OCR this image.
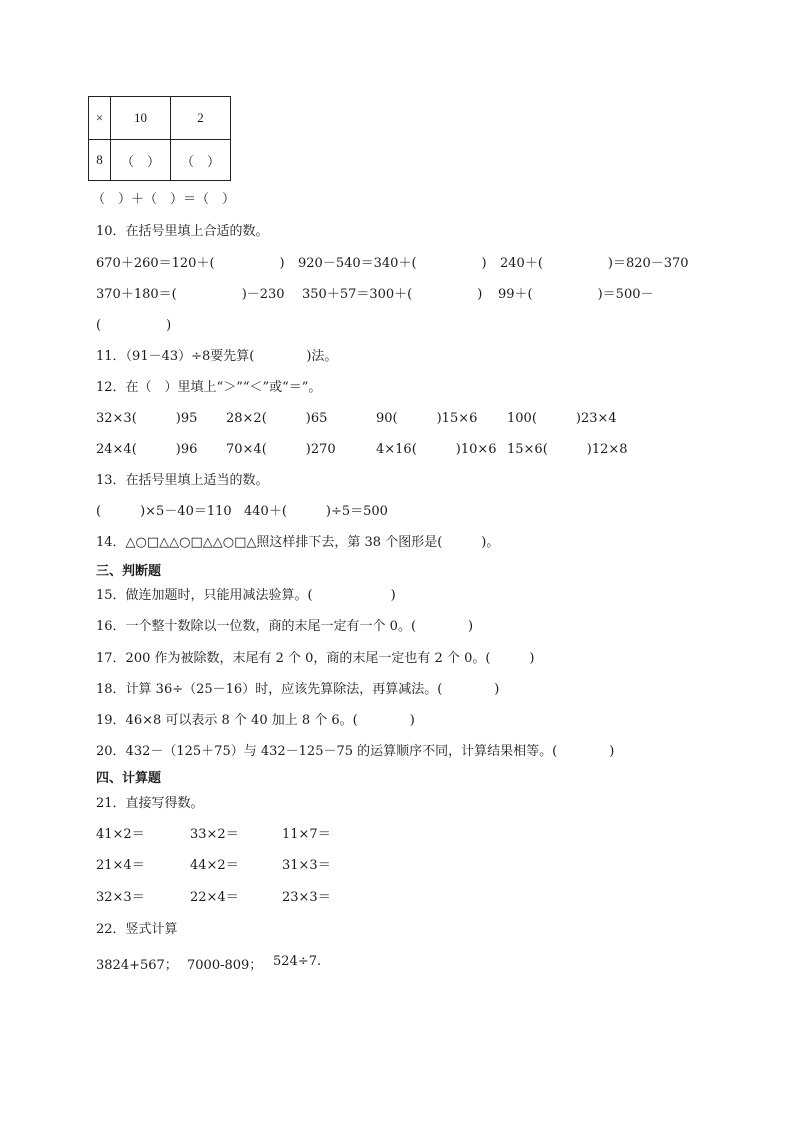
×	10	2
8	（　）	（　）
（　）＋（　）＝（　）
10．在括号里填上合适的数。
670＋260＝120＋(　　　　　) 920－540＝340＋(　　　　　) 240＋(　　　　　)＝820－370
370＋180＝(　　　　　)－230 350＋57＝300＋(　　　　　) 99＋(　　　　　)＝500－
(　　　　　)
11．（91－43）÷8要先算(　　　　)法。
12．在（　）里填上“＞”“＜”或“＝”。
32×3(　　　)95 28×2(　　　)65	90(　　　)15×6 100(　　　)23×4
24×4(　　　)96 70×4(　　　)270	4×16(　　　)10×6 15×6(　　　)12×8
13．在括号里填上适当的数。
(　　　)×5－40＝110 440＋(　　　)÷5＝500
14．△○□△△○□△△○□△照这样排下去，第 38 个图形是(　　　)。
三、判断题
15．做连加题时，只能用减法验算。(　　　　　　)
16．一个整十数除以一位数，商的末尾一定有一个 0。(　　　　)
17．200 作为被除数，末尾有 2 个 0，商的末尾一定也有 2 个 0。(　　　)
18．计算 36÷（25－16）时，应该先算除法，再算减法。(　　　　)
19．46×8 可以表示 8 个 40 加上 8 个 6。(　　　　)
20．432－（125＋75）与 432－125－75 的运算顺序不同，计算结果相等。(　　　　)
四、计算题
21．直接写得数。
41×2＝	33×2＝	11×7＝
21×4＝	44×2＝	31×3＝
32×3＝	22×4＝	23×3＝
22．竖式计算
3824+567； 7000-809； 524÷7.
